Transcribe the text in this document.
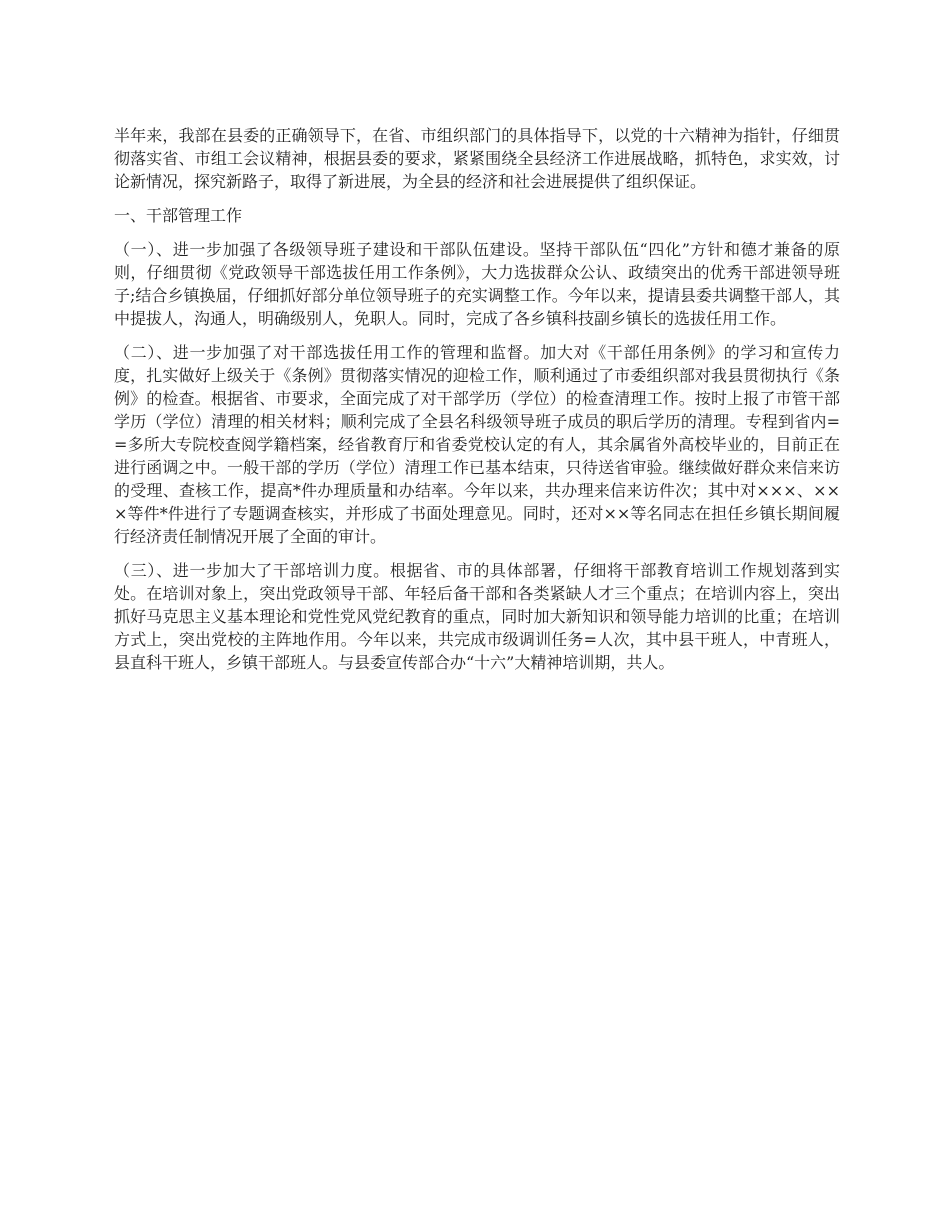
半年来，我部在县委的正确领导下，在省、市组织部门的具体指导下，以党的十六精神为指针，仔细贯彻落实省、市组工会议精神，根据县委的要求，紧紧围绕全县经济工作进展战略，抓特色，求实效，讨论新情况，探究新路子，取得了新进展，为全县的经济和社会进展提供了组织保证。

一、干部管理工作

（一）、进一步加强了各级领导班子建设和干部队伍建设。坚持干部队伍“四化”方针和德才兼备的原则，仔细贯彻《党政领导干部选拔任用工作条例》，大力选拔群众公认、政绩突出的优秀干部进领导班子;结合乡镇换届，仔细抓好部分单位领导班子的充实调整工作。今年以来，提请县委共调整干部人，其中提拔人，沟通人，明确级别人，免职人。同时，完成了各乡镇科技副乡镇长的选拔任用工作。

（二）、进一步加强了对干部选拔任用工作的管理和监督。加大对《干部任用条例》的学习和宣传力度，扎实做好上级关于《条例》贯彻落实情况的迎检工作，顺利通过了市委组织部对我县贯彻执行《条例》的检查。根据省、市要求，全面完成了对干部学历（学位）的检查清理工作。按时上报了市管干部学历（学位）清理的相关材料；顺利完成了全县名科级领导班子成员的职后学历的清理。专程到省内==多所大专院校查阅学籍档案，经省教育厅和省委党校认定的有人，其余属省外高校毕业的，目前正在进行函调之中。一般干部的学历（学位）清理工作已基本结束，只待送省审验。继续做好群众来信来访的受理、查核工作，提高*件办理质量和办结率。今年以来，共办理来信来访件次；其中对×××、×××等件*件进行了专题调查核实，并形成了书面处理意见。同时，还对××等名同志在担任乡镇长期间履行经济责任制情况开展了全面的审计。

（三）、进一步加大了干部培训力度。根据省、市的具体部署，仔细将干部教育培训工作规划落到实处。在培训对象上，突出党政领导干部、年轻后备干部和各类紧缺人才三个重点；在培训内容上，突出抓好马克思主义基本理论和党性党风党纪教育的重点，同时加大新知识和领导能力培训的比重；在培训方式上，突出党校的主阵地作用。今年以来，共完成市级调训任务=人次，其中县干班人，中青班人，县直科干班人，乡镇干部班人。与县委宣传部合办“十六”大精神培训期，共人。
